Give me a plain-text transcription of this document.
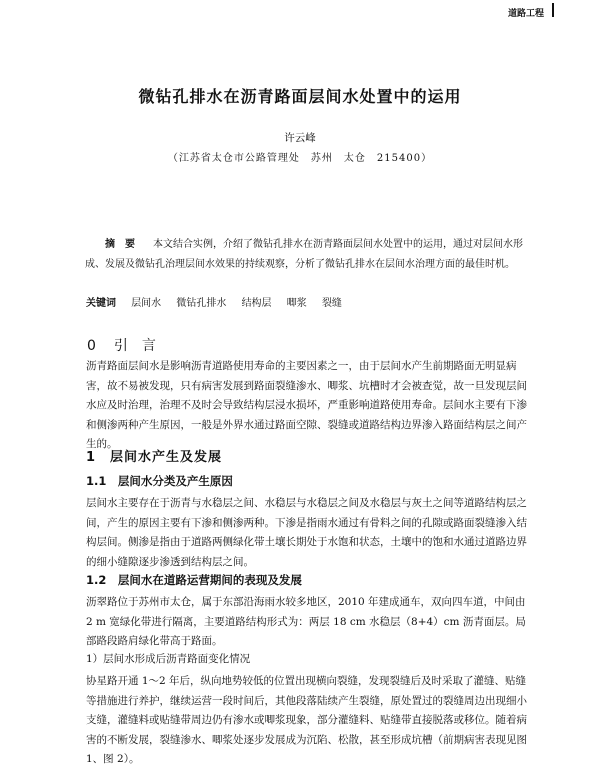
道路工程
微钻孔排水在沥青路面层间水处置中的运用
许云峰
（江苏省太仓市公路管理处　苏州　太仓　215400）
摘　要 本文结合实例，介绍了微钻孔排水在沥青路面层间水处置中的运用，通过对层间水形成、发展及微钻孔治理层间水效果的持续观察，分析了微钻孔排水在层间水治理方面的最佳时机。
关键词 层间水 微钻孔排水 结构层 唧浆 裂缝
0 引　言
沥青路面层间水是影响沥青道路使用寿命的主要因素之一，由于层间水产生前期路面无明显病害，故不易被发现，只有病害发展到路面裂缝渗水、唧浆、坑槽时才会被查觉，故一旦发现层间水应及时治理，治理不及时会导致结构层浸水损坏，严重影响道路使用寿命。层间水主要有下渗和侧渗两种产生原因，一般是外界水通过路面空隙、裂缝或道路结构边界渗入路面结构层之间产生的。
1　层间水产生及发展
1.1　层间水分类及产生原因
层间水主要存在于沥青与水稳层之间、水稳层与水稳层之间及水稳层与灰土之间等道路结构层之间，产生的原因主要有下渗和侧渗两种。下渗是指雨水通过有骨料之间的孔隙或路面裂缝渗入结构层间。侧渗是指由于道路两侧绿化带土壤长期处于水饱和状态，土壤中的饱和水通过道路边界的细小缝隙逐步渗透到结构层之间。
1.2　层间水在道路运营期间的表现及发展
沥翠路位于苏州市太仓，属于东部沿海雨水较多地区，2010 年建成通车，双向四车道，中间由 2 m 宽绿化带进行隔离，主要道路结构形式为：两层 18 cm 水稳层（8+4）cm 沥青面层。局部路段路肩绿化带高于路面。
1）层间水形成后沥青路面变化情况
协星路开通 1～2 年后，纵向地势较低的位置出现横向裂缝，发现裂缝后及时采取了灌缝、贴缝等措施进行养护，继续运营一段时间后，其他段落陆续产生裂缝，原处置过的裂缝周边出现细小支缝，灌缝料或贴缝带周边仍有渗水或唧浆现象，部分灌缝料、贴缝带直接脱落或移位。随着病害的不断发展，裂缝渗水、唧浆处逐步发展成为沉陷、松散，甚至形成坑槽（前期病害表现见图 1、图 2）。
